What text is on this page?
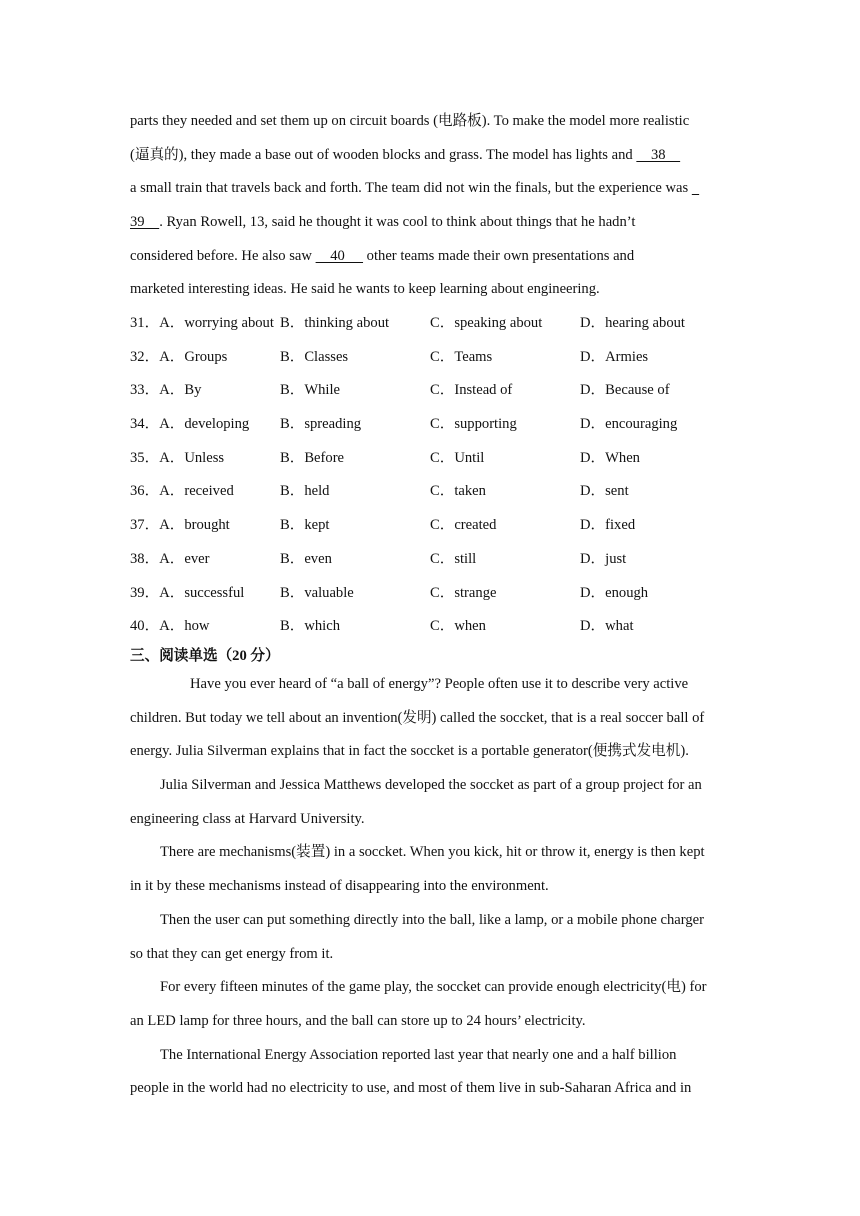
parts they needed and set them up on circuit boards (电路板). To make the model more realistic
(逼真的), they made a base out of wooden blocks and grass. The model has lights and     38
a small train that travels back and forth. The team did not win the finals, but the experience was
39    . Ryan Rowell, 13, said he thought it was cool to think about things that he hadn’t
considered before. He also saw     40      other teams made their own presentations and
marketed interesting ideas. He said he wants to keep learning about engineering.
31．A．worrying about B．thinking about	C．speaking about	D．hearing about
32．A．Groups	B．Classes	C．Teams	D．Armies
33．A．By	B．While	C．Instead of	D．Because of
34．A．developing B．spreading	C．supporting	D．encouraging
35．A．Unless	B．Before	C．Until	D．When
36．A．received	B．held	C．taken	D．sent
37．A．brought	B．kept	C．created	D．fixed
38．A．ever	B．even	C．still	D．just
39．A．successful B．valuable	C．strange	D．enough
40．A．how	B．which	C．when	D．what
三、阅读单选（20 分）
Have you ever heard of “a ball of energy”? People often use it to describe very active
children. But today we tell about an invention(发明) called the soccket, that is a real soccer ball of
energy. Julia Silverman explains that in fact the soccket is a portable generator(便携式发电机).
Julia Silverman and Jessica Matthews developed the soccket as part of a group project for an
engineering class at Harvard University.
There are mechanisms(装置) in a soccket. When you kick, hit or throw it, energy is then kept
in it by these mechanisms instead of disappearing into the environment.
Then the user can put something directly into the ball, like a lamp, or a mobile phone charger
so that they can get energy from it.
For every fifteen minutes of the game play, the soccket can provide enough electricity(电) for
an LED lamp for three hours, and the ball can store up to 24 hours’ electricity.
The International Energy Association reported last year that nearly one and a half billion
people in the world had no electricity to use, and most of them live in sub-Saharan Africa and in
